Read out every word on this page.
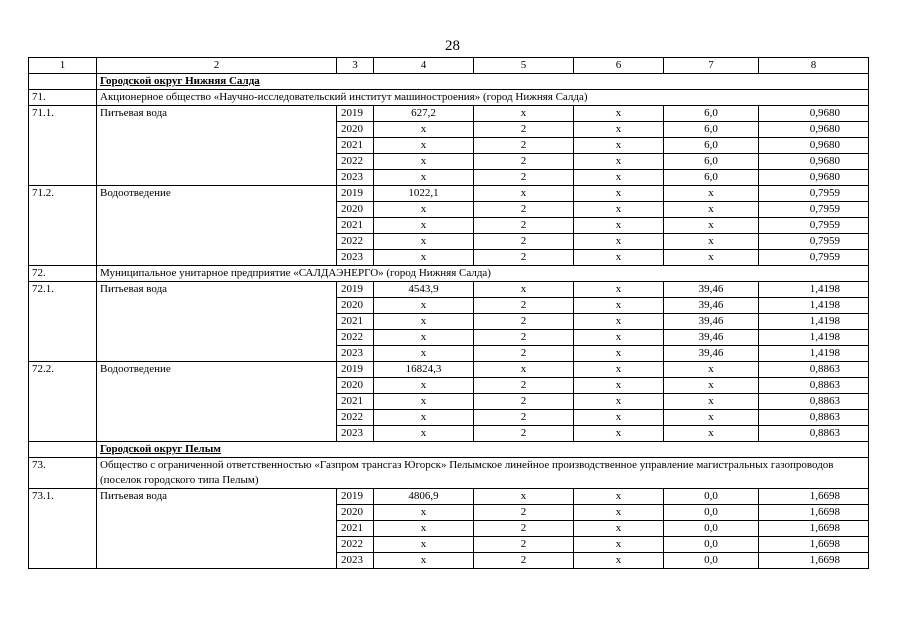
28
1	2	3	4	5	6	7	8
	Городской округ Нижняя Салда						
71.	Акционерное общество «Научно-исследовательский институт машиностроения» (город Нижняя Салда)						
71.1.	Питьевая вода	2019	627,2	x	x	6,0	0,9680
		2020	x	2	x	6,0	0,9680
		2021	x	2	x	6,0	0,9680
		2022	x	2	x	6,0	0,9680
		2023	x	2	x	6,0	0,9680
71.2.	Водоотведение	2019	1022,1	x	x	x	0,7959
		2020	x	2	x	x	0,7959
		2021	x	2	x	x	0,7959
		2022	x	2	x	x	0,7959
		2023	x	2	x	x	0,7959
72.	Муниципальное унитарное предприятие «САЛДАЭНЕРГО» (город Нижняя Салда)						
72.1.	Питьевая вода	2019	4543,9	x	x	39,46	1,4198
		2020	x	2	x	39,46	1,4198
		2021	x	2	x	39,46	1,4198
		2022	x	2	x	39,46	1,4198
		2023	x	2	x	39,46	1,4198
72.2.	Водоотведение	2019	16824,3	x	x	x	0,8863
		2020	x	2	x	x	0,8863
		2021	x	2	x	x	0,8863
		2022	x	2	x	x	0,8863
		2023	x	2	x	x	0,8863
	Городской округ Пелым						
73.	Общество с ограниченной ответственностью «Газпром трансгаз Югорск» Пелымское линейное производственное управление магистральных газопроводов (поселок городского типа Пелым)						
73.1.	Питьевая вода	2019	4806,9	x	x	0,0	1,6698
		2020	x	2	x	0,0	1,6698
		2021	x	2	x	0,0	1,6698
		2022	x	2	x	0,0	1,6698
		2023	x	2	x	0,0	1,6698
